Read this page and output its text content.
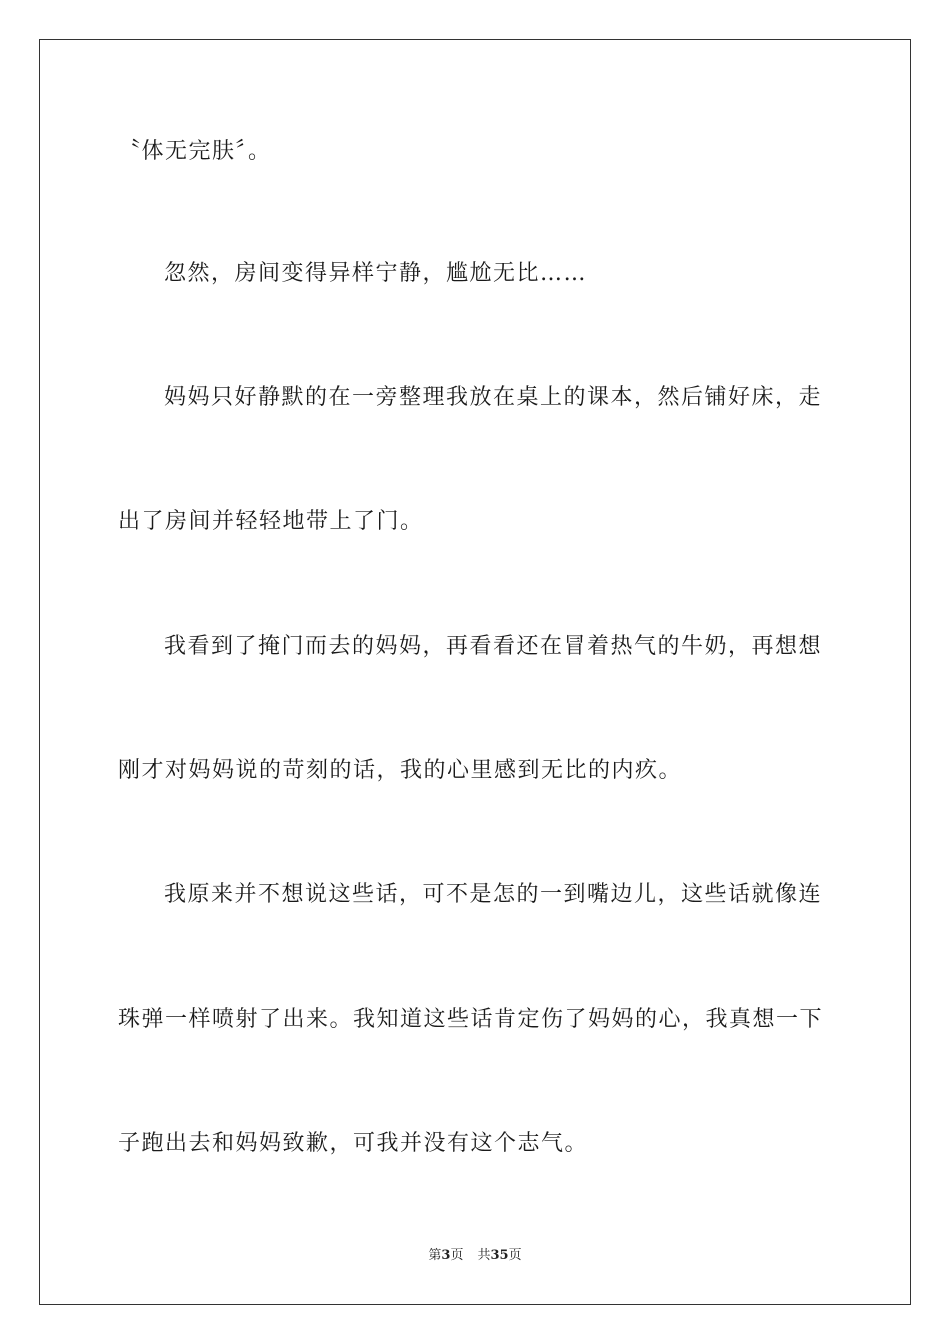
〝体无完肤〞。
忽然，房间变得异样宁静，尴尬无比……
妈妈只好静默的在一旁整理我放在桌上的课本，然后铺好床，走
出了房间并轻轻地带上了门。
我看到了掩门而去的妈妈，再看看还在冒着热气的牛奶，再想想
刚才对妈妈说的苛刻的话，我的心里感到无比的内疚。
我原来并不想说这些话，可不是怎的一到嘴边儿，这些话就像连
珠弹一样喷射了出来。我知道这些话肯定伤了妈妈的心，我真想一下
子跑出去和妈妈致歉，可我并没有这个志气。
第3页 共35页
